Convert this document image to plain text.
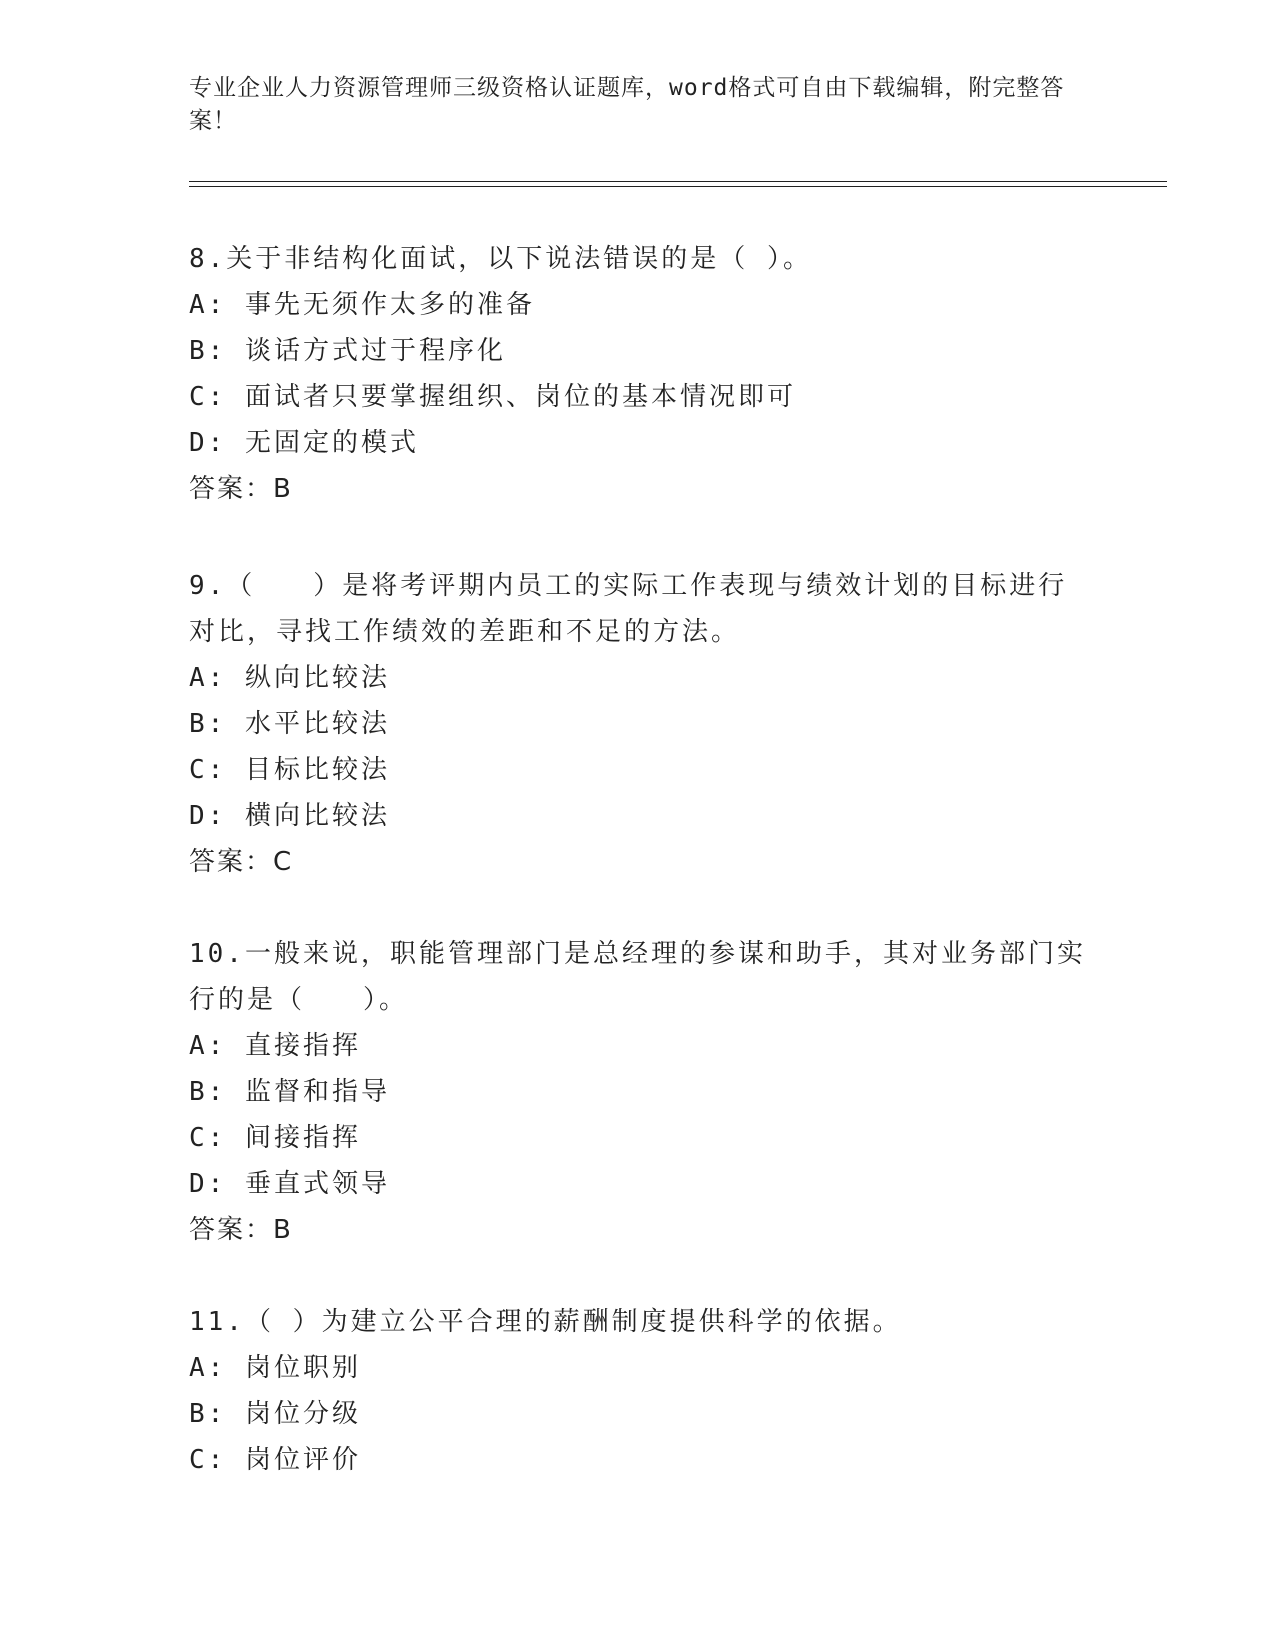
专业企业人力资源管理师三级资格认证题库，word格式可自由下载编辑，附完整答案！
8.关于非结构化面试，以下说法错误的是（ ）。
A: 事先无须作太多的准备
B: 谈话方式过于程序化
C: 面试者只要掌握组织、岗位的基本情况即可
D: 无固定的模式
答案：B
9.（　　）是将考评期内员工的实际工作表现与绩效计划的目标进行对比，寻找工作绩效的差距和不足的方法。
A: 纵向比较法
B: 水平比较法
C: 目标比较法
D: 横向比较法
答案：C
10.一般来说，职能管理部门是总经理的参谋和助手，其对业务部门实行的是（　　）。
A: 直接指挥
B: 监督和指导
C: 间接指挥
D: 垂直式领导
答案：B
11.（ ）为建立公平合理的薪酬制度提供科学的依据。
A: 岗位职别
B: 岗位分级
C: 岗位评价
